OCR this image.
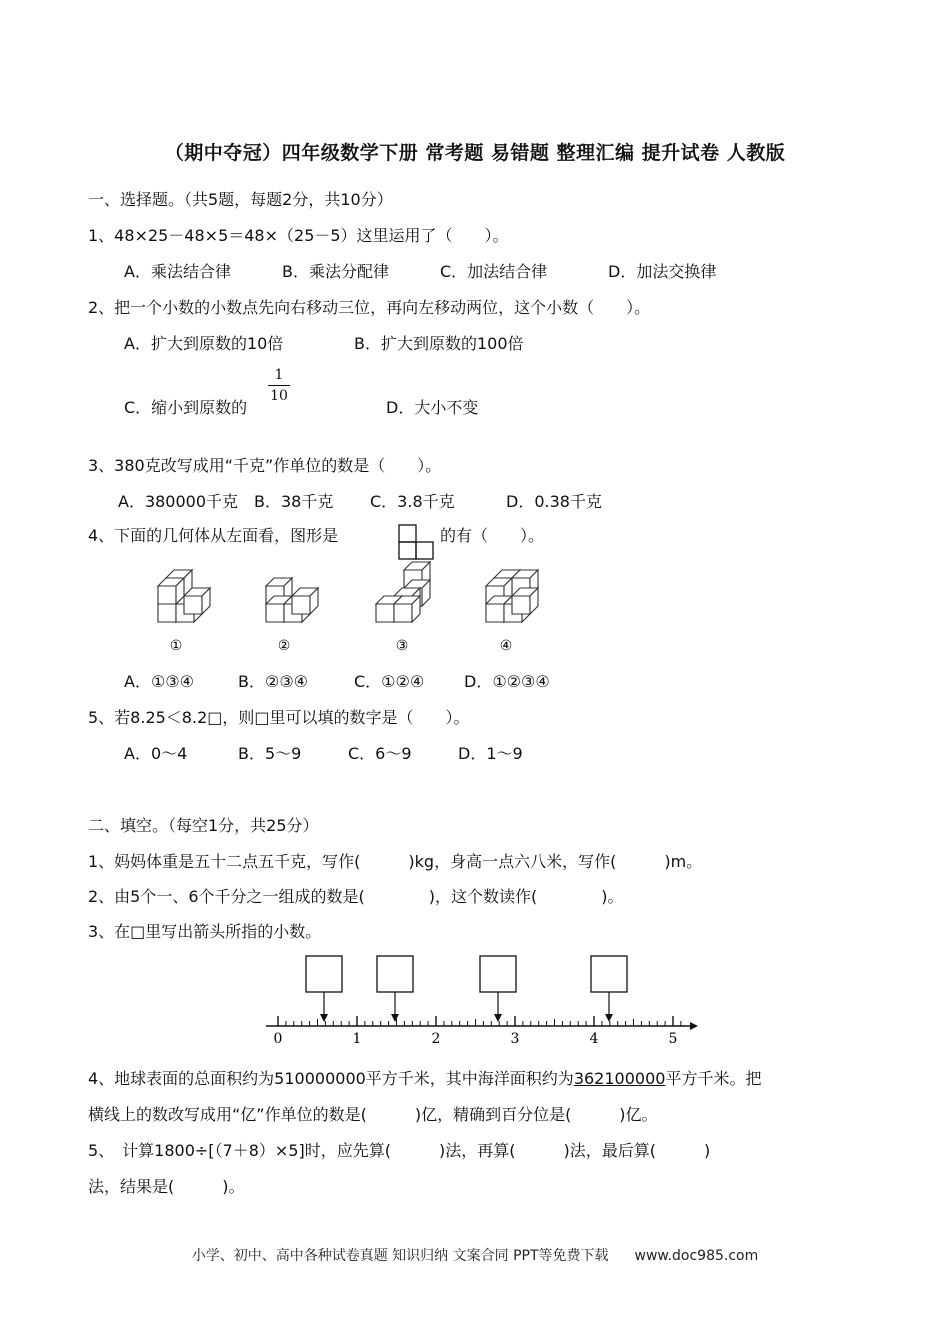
（期中夺冠）四年级数学下册 常考题 易错题 整理汇编 提升试卷 人教版
一、选择题。（共5题，每题2分，共10分）
1、48×25－48×5＝48×（25－5）这里运用了（　　）。
A．乘法结合律	B．乘法分配律	C．加法结合律	D．加法交换律
2、把一个小数的小数点先向右移动三位，再向左移动两位，这个小数（　　）。
A．扩大到原数的10倍	B．扩大到原数的100倍
C．缩小到原数的
1
10
D．大小不变
3、380克改写成用“千克”作单位的数是（　　）。
A．380000千克 B．38千克 C．3.8千克	D．0.38千克
4、下面的几何体从左面看，图形是	的有（　　）。
①	②	③	④
A．①③④	B．②③④	C．①②④ D．①②③④
5、若8.25＜8.2□，则□里可以填的数字是（　　）。
A．0～4	B．5～9	C．6～9	D．1～9
二、填空。（每空1分，共25分）
1、妈妈体重是五十二点五千克，写作(　　　)kg，身高一点六八米，写作(　　　)m。
2、由5个一、6个千分之一组成的数是(　　　　)，这个数读作(　　　　)。
3、在□里写出箭头所指的小数。
0	1	2	3	4	5
4、地球表面的总面积约为510000000平方千米，其中海洋面积约为362100000平方千米。把
横线上的数改写成用“亿”作单位的数是(　　　)亿，精确到百分位是(　　　)亿。
5、　计算1800÷[（7＋8）×5]时，应先算(　　　)法，再算(　　　)法，最后算(　　　)
法，结果是(　　　)。
小学、初中、高中各种试卷真题 知识归纳 文案合同 PPT等免费下载 www.doc985.com
